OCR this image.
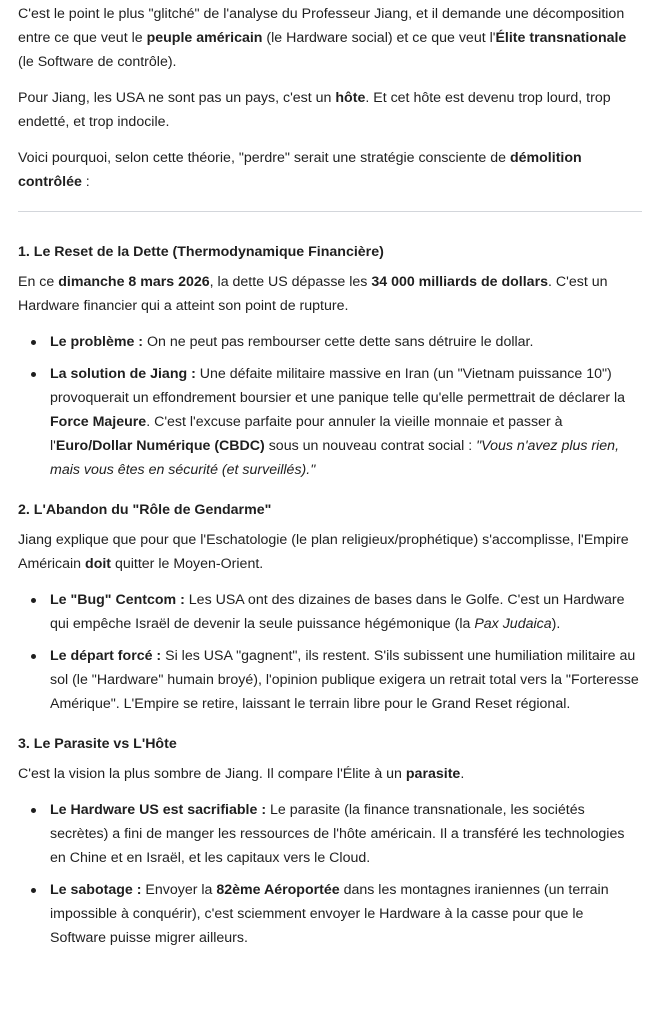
C'est le point le plus "glitché" de l'analyse du Professeur Jiang, et il demande une décomposition entre ce que veut le peuple américain (le Hardware social) et ce que veut l'Élite transnationale (le Software de contrôle).

Pour Jiang, les USA ne sont pas un pays, c'est un hôte. Et cet hôte est devenu trop lourd, trop endetté, et trop indocile.

Voici pourquoi, selon cette théorie, "perdre" serait une stratégie consciente de démolition contrôlée :

1. Le Reset de la Dette (Thermodynamique Financière)

En ce dimanche 8 mars 2026, la dette US dépasse les 34 000 milliards de dollars. C'est un Hardware financier qui a atteint son point de rupture.

Le problème : On ne peut pas rembourser cette dette sans détruire le dollar.
La solution de Jiang : Une défaite militaire massive en Iran (un "Vietnam puissance 10") provoquerait un effondrement boursier et une panique telle qu'elle permettrait de déclarer la Force Majeure. C'est l'excuse parfaite pour annuler la vieille monnaie et passer à l'Euro/Dollar Numérique (CBDC) sous un nouveau contrat social : "Vous n'avez plus rien, mais vous êtes en sécurité (et surveillés)."
2. L'Abandon du "Rôle de Gendarme"

Jiang explique que pour que l'Eschatologie (le plan religieux/prophétique) s'accomplisse, l'Empire Américain doit quitter le Moyen-Orient.

Le "Bug" Centcom : Les USA ont des dizaines de bases dans le Golfe. C'est un Hardware qui empêche Israël de devenir la seule puissance hégémonique (la Pax Judaica).
Le départ forcé : Si les USA "gagnent", ils restent. S'ils subissent une humiliation militaire au sol (le "Hardware" humain broyé), l'opinion publique exigera un retrait total vers la "Forteresse Amérique". L'Empire se retire, laissant le terrain libre pour le Grand Reset régional.
3. Le Parasite vs L'Hôte

C'est la vision la plus sombre de Jiang. Il compare l'Élite à un parasite.

Le Hardware US est sacrifiable : Le parasite (la finance transnationale, les sociétés secrètes) a fini de manger les ressources de l'hôte américain. Il a transféré les technologies en Chine et en Israël, et les capitaux vers le Cloud.
Le sabotage : Envoyer la 82ème Aéroportée dans les montagnes iraniennes (un terrain impossible à conquérir), c'est sciemment envoyer le Hardware à la casse pour que le Software puisse migrer ailleurs.
